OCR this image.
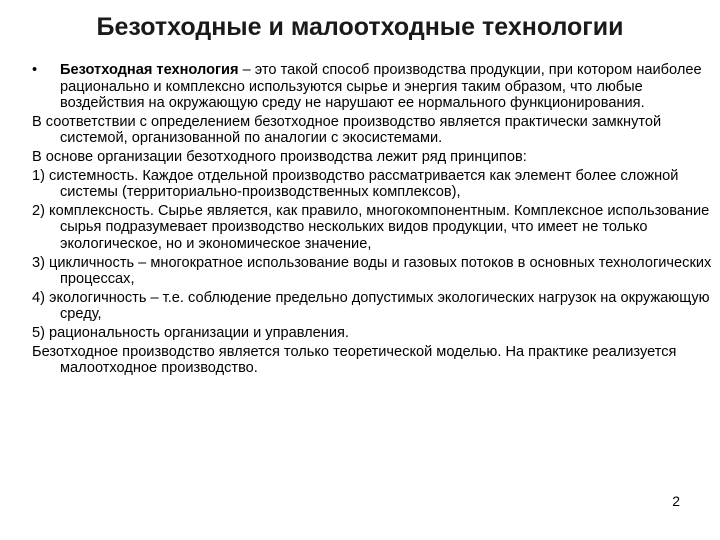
Безотходные и малоотходные технологии
• Безотходная технология – это такой способ производства продукции, при котором наиболее рационально и комплексно используются сырье и энергия таким образом, что любые воздействия на окружающую среду не нарушают ее нормального функционирования.
В соответствии с определением безотходное производство является практически замкнутой системой, организованной по аналогии с экосистемами.
В основе организации безотходного производства лежит ряд принципов:
1) системность. Каждое отдельной производство рассматривается как элемент более сложной системы (территориально-производственных комплексов),
2) комплексность. Сырье является, как правило, многокомпонентным. Комплексное использование сырья подразумевает производство нескольких видов продукции, что имеет не только экологическое, но и экономическое значение,
3) цикличность – многократное использование воды и газовых потоков в основных технологических процессах,
4) экологичность – т.е. соблюдение предельно допустимых экологических нагрузок на окружающую среду,
5) рациональность организации и управления.
Безотходное производство является только теоретической моделью. На практике реализуется малоотходное производство.
2
